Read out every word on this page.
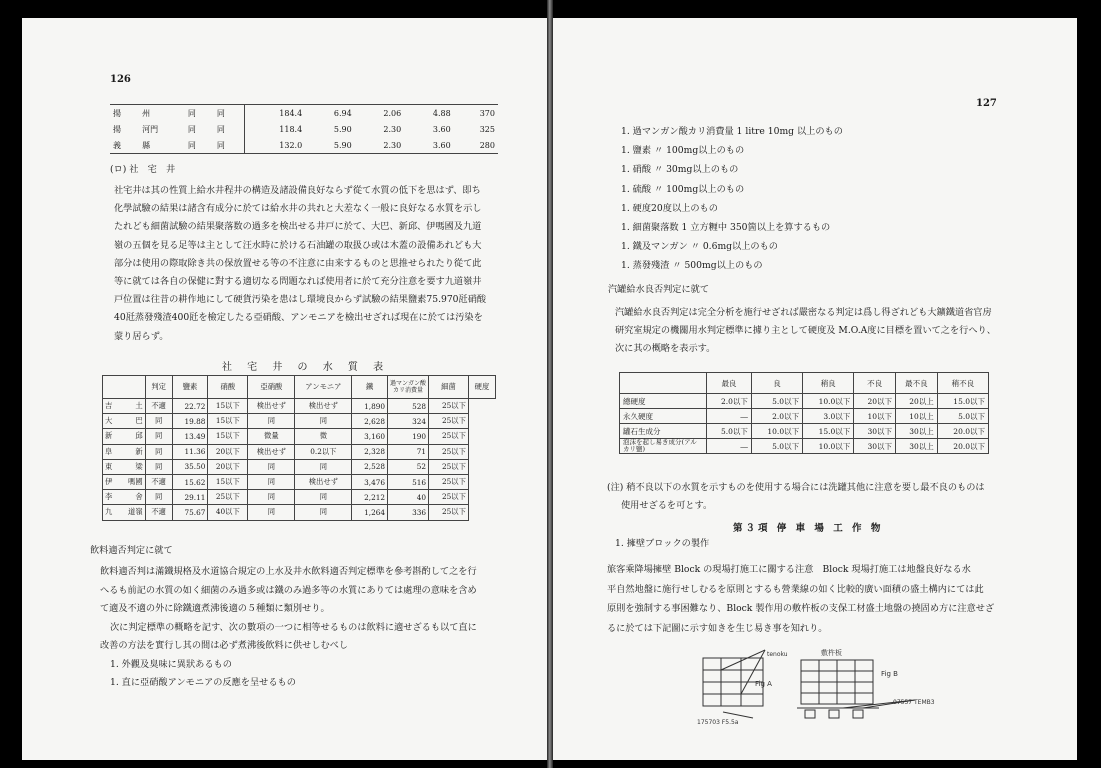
126
揚	州	同	同	184.4	6.94	2.06	4.88	370
揚	河門	同	同	118.4	5.90	2.30	3.60	325
義	縣	同	同	132.0	5.90	2.30	3.60	280
(ロ) 社　宅　井
社宅井は其の性質上給水井程井の構造及諸設備良好ならず從て水質の低下を思はず、即ち
化學試驗の結果は諸含有成分に於ては給水井の共れと大差なく一般に良好なる水質を示し
たれども細菌試驗の結果聚落数の過多を検出せる井戸に於て、大巴、新邱、伊嗎國及九道
嶺の五個を見る足等は主として汪水時に於ける石油罐の取扱ひ或は木蓋の設備あれども大
部分は使用の際取除き共の保放置せる等の不注意に由来するものと思推せられたり從て此
等に就ては各自の保健に對する適切なる問題なれば使用者に於て充分注意を要す九道嶺井
戸位置は往昔の耕作地にして硬貨汚染を患はし環境良からず試驗の結果鹽素75.970瓩硝酸
40瓩蒸發殘渣400瓩を檢定したる亞硝酸、アンモニアを檢出せざれば現在に於ては汚染を
蒙り居らず。
社 宅 井 の 水 質 表
		判定	鹽素	硝酸	亞硝酸	アンモニア	鐵	過マンガン酸カリ消費量	細菌	硬度
吉	土	不適	22.72	15以下	検出せず	検出せず	1,890	528	25以下	
大	巴	同	19.88	15以下	同	同	2,628	324	25以下	
新	邱	同	13.49	15以下	微量	微	3,160	190	25以下	
阜	新	同	11.36	20以下	検出せず	0.2以下	2,328	71	25以下	
東	梁	同	35.50	20以下	同	同	2,528	52	25以下	
伊	嗎國	不適	15.62	15以下	同	検出せず	3,476	516	25以下	
李	舍	同	29.11	25以下	同	同	2,212	40	25以下	
九	道嶺	不適	75.67	40以下	同	同	1,264	336	25以下	
飲料適否判定に就て
飲料適否判は滿鐵規格及水道協合規定の上水及井水飲料適否判定標準を參考斟酌して之を行
へるも前記の水質の如く細菌のみ過多或は鐵のみ過多等の水質にありては處理の意味を含め
て適及不適の外に除鐵適煮沸後適の５種類に類別せり。
次に判定標準の概略を記す、次の數項の一つに相等せるものは飲料に適せざるも以て直に
改善の方法を實行し其の間は必ず煮沸後飲料に供せしむべし
1. 外觀及臭味に異狀あるもの
1. 直に亞硝酸アンモニアの反應を呈せるもの
127
1. 過マンガン酸カリ消費量 1 litre 10mg 以上のもの
1. 鹽素 〃 100mg以上のもの
1. 硝酸 〃 30mg以上のもの
1. 硫酸 〃 100mg以上のもの
1. 硬度20度以上のもの
1. 細菌聚落数 1 立方糎中 350箇以上を算するもの
1. 鐵及マンガン 〃 0.6mg以上のもの
1. 蒸發殘渣 〃 500mg以上のもの
汽罐給水良否判定に就て
汽罐給水良否判定は完全分析を施行せざれば嚴密なる判定は爲し得ざれども大鑛鐵道省官房
研究室規定の機關用水判定標準に據り主として硬度及 M.O.A度に目標を置いて之を行へり、
次に其の概略を表示す。
	最良	良	稍良	不良	最不良	稍不良
總硬度	2.0以下	5.0以下	10.0以下	20以下	20以上	15.0以下
永久硬度	―	2.0以下	3.0以下	10以下	10以上	5.0以下
罐石生成分	5.0以下	10.0以下	15.0以下	30以下	30以上	20.0以下
泡沫を起し易き成分(アルカリ鹽)	―	5.0以下	10.0以下	30以下	30以上	20.0以下
(注) 稍不良以下の水質を示すものを使用する場合には洗罐其他に注意を要し最不良のものは
使用せざるを可とす。
第３項 停 車 場 工 作 物
1. 擁壁ブロックの製作
旅客乘降場擁壁 Block の現場打施工に關する注意　Block 現場打施工は地盤良好なる水
平自然地盤に施行せしむるを原則とするも營業線の如く比較的廣い面積の盛土構内にては此
原則を強制する事困難なり、Block 製作用の敷杵板の支保工材盛土地盤の撓固め方に注意せざ
るに於ては下記圖に示す如きを生じ易き事を知れり。
Fig A
Fig B
敷杵板
tenoku
175703 F5.5a
07557 TEMB3
